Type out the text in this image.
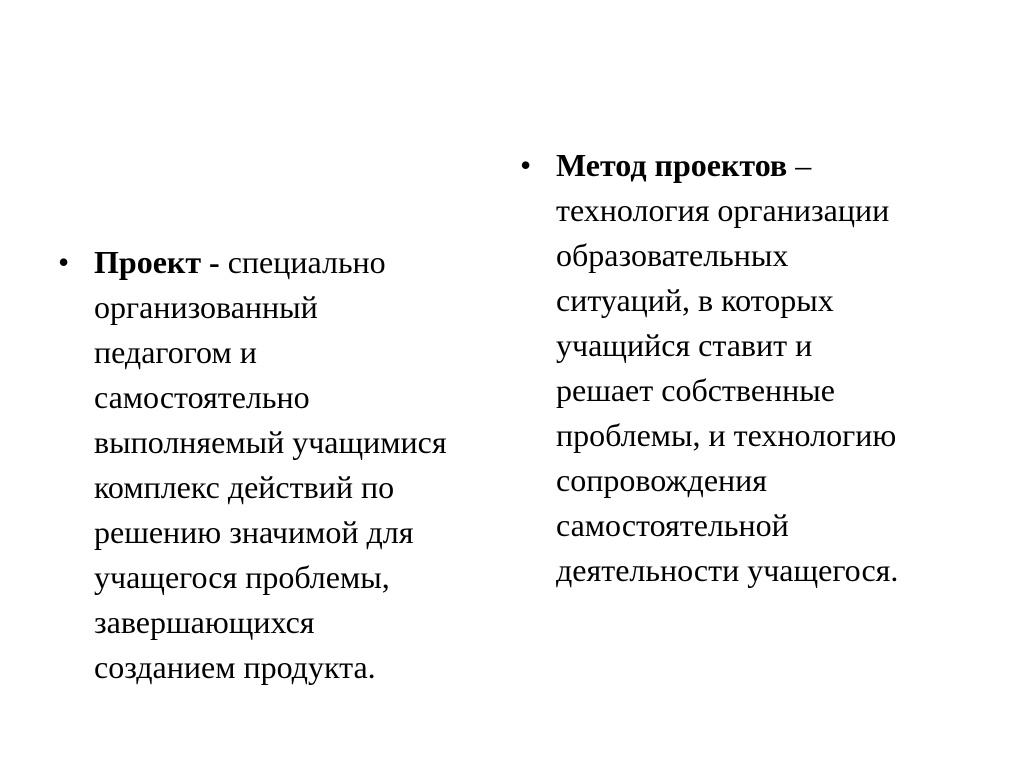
• Проект - специально
организованный
педагогом и
самостоятельно
выполняемый учащимися
комплекс действий по
решению значимой для
учащегося проблемы,
завершающихся
созданием продукта.
• Метод проектов –
технология организации
образовательных
ситуаций, в которых
учащийся ставит и
решает собственные
проблемы, и технологию
сопровождения
самостоятельной
деятельности учащегося.
